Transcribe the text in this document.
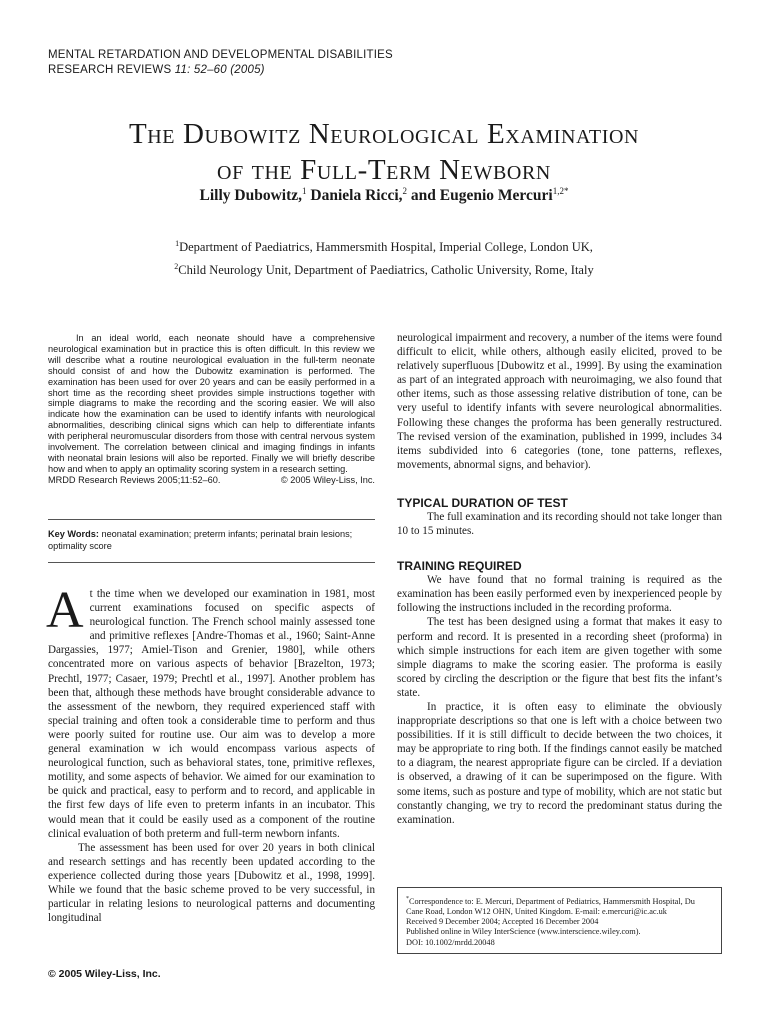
MENTAL RETARDATION AND DEVELOPMENTAL DISABILITIES
RESEARCH REVIEWS 11: 52–60 (2005)
The Dubowitz Neurological Examination
of the Full-Term Newborn
Lilly Dubowitz,$^1$ Daniela Ricci,$^2$ and Eugenio Mercuri$^{1,2*}$
$^1$Department of Paediatrics, Hammersmith Hospital, Imperial College, London UK,
$^2$Child Neurology Unit, Department of Paediatrics, Catholic University, Rome, Italy

In an ideal world, each neonate should have a comprehensive neurological examination but in practice this is often difficult. In this review we will describe what a routine neurological evaluation in the full-term neonate should consist of and how the Dubowitz examination is performed. The examination has been used for over 20 years and can be easily performed in a short time as the recording sheet provides simple instructions together with simple diagrams to make the recording and the scoring easier. We will also indicate how the examination can be used to identify infants with neurological abnormalities, describing clinical signs which can help to differentiate infants with peripheral neuromuscular disorders from those with central nervous system involvement. The correlation between clinical and imaging findings in infants with neonatal brain lesions will also be reported. Finally we will briefly describe how and when to apply an optimality scoring system in a research setting.

© 2005 Wiley-Liss, Inc.
MRDD Research Reviews 2005;11:52–60.
Key Words: neonatal examination; preterm infants; perinatal brain lesions; optimality score

At the time when we developed our examination in 1981, most current examinations focused on specific aspects of neurological function. The French school mainly assessed tone and primitive reflexes [Andre-Thomas et al., 1960; Saint-Anne Dargassies, 1977; Amiel-Tison and Grenier, 1980], while others concentrated more on various aspects of behavior [Brazelton, 1973; Prechtl, 1977; Casaer, 1979; Prechtl et al., 1997]. Another problem has been that, although these methods have brought considerable advance to the assessment of the newborn, they required experienced staff with special training and often took a considerable time to perform and thus were poorly suited for routine use. Our aim was to develop a more general examination w ich would encompass various aspects of neurological function, such as behavioral states, tone, primitive reflexes, motility, and some aspects of behavior. We aimed for our examination to be quick and practical, easy to perform and to record, and applicable in the first few days of life even to preterm infants in an incubator. This would mean that it could be easily used as a component of the routine clinical evaluation of both preterm and full-term newborn infants.

The assessment has been used for over 20 years in both clinical and research settings and has recently been updated according to the experience collected during those years [Dubowitz et al., 1998, 1999]. While we found that the basic scheme proved to be very successful, in particular in relating lesions to neurological patterns and documenting longitudinal

neurological impairment and recovery, a number of the items were found difficult to elicit, while others, although easily elicited, proved to be relatively superfluous [Dubowitz et al., 1999]. By using the examination as part of an integrated approach with neuroimaging, we also found that other items, such as those assessing relative distribution of tone, can be very useful to identify infants with severe neurological abnormalities. Following these changes the proforma has been generally restructured. The revised version of the examination, published in 1999, includes 34 items subdivided into 6 categories (tone, tone patterns, reflexes, movements, abnormal signs, and behavior).

TYPICAL DURATION OF TEST

The full examination and its recording should not take longer than 10 to 15 minutes.

TRAINING REQUIRED

We have found that no formal training is required as the examination has been easily performed even by inexperienced people by following the instructions included in the recording proforma.

The test has been designed using a format that makes it easy to perform and record. It is presented in a recording sheet (proforma) in which simple instructions for each item are given together with some simple diagrams to make the scoring easier. The proforma is easily scored by circling the description or the figure that best fits the infant’s state.

In practice, it is often easy to eliminate the obviously inappropriate descriptions so that one is left with a choice between two possibilities. If it is still difficult to decide between the two choices, it may be appropriate to ring both. If the findings cannot easily be matched to a diagram, the nearest appropriate figure can be circled. If a deviation is observed, a drawing of it can be superimposed on the figure. With some items, such as posture and type of mobility, which are not static but constantly changing, we try to record the predominant status during the examination.

*Correspondence to: E. Mercuri, Department of Pediatrics, Hammersmith Hospital, Du Cane Road, London W12 OHN, United Kingdom. E-mail: e.mercuri@ic.ac.uk
Received 9 December 2004; Accepted 16 December 2004
Published online in Wiley InterScience (www.interscience.wiley.com).
DOI: 10.1002/mrdd.20048
© 2005 Wiley-Liss, Inc.
